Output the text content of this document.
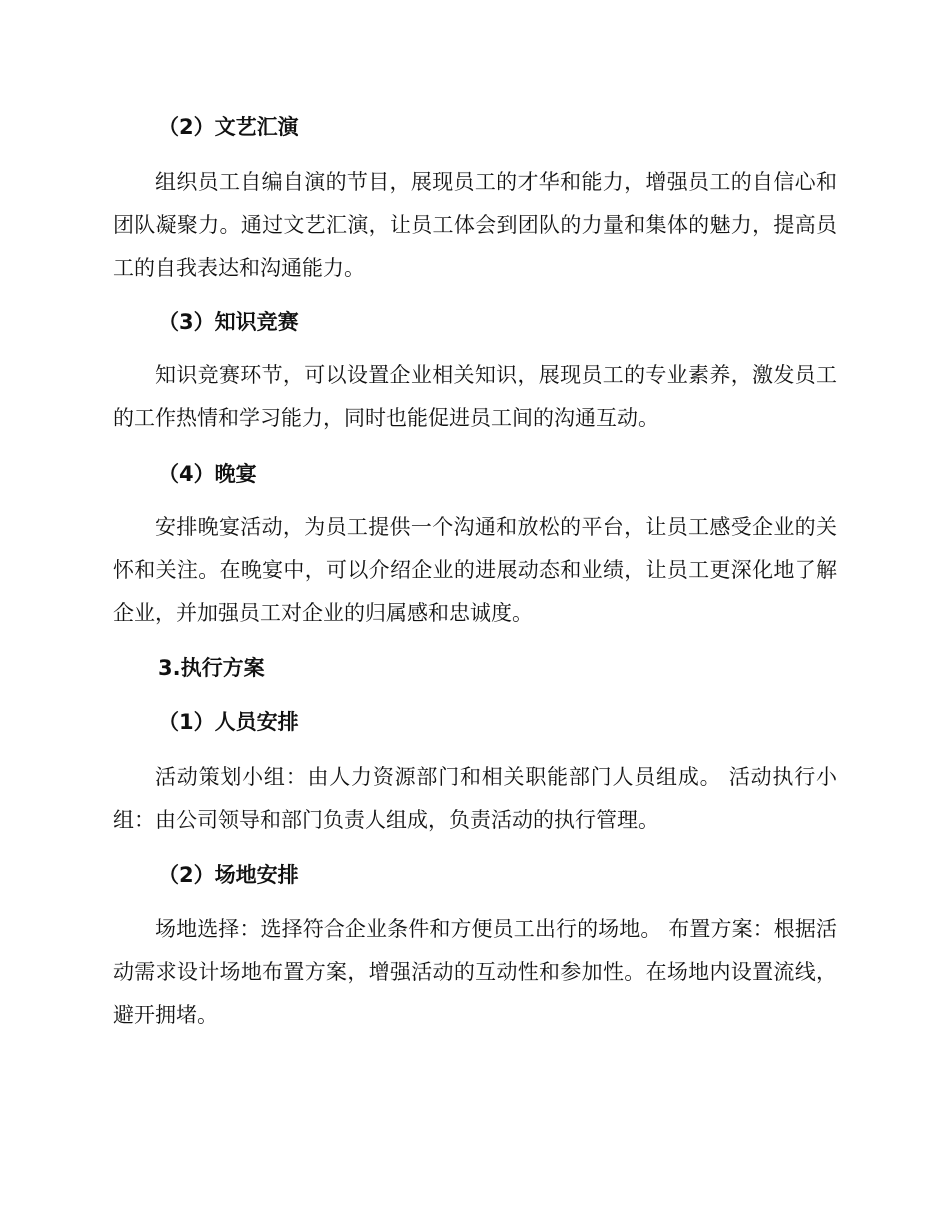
（2）文艺汇演
组织员工自编自演的节目，展现员工的才华和能力，增强员工的自信心和团队凝聚力。通过文艺汇演，让员工体会到团队的力量和集体的魅力，提高员工的自我表达和沟通能力。
（3）知识竞赛
知识竞赛环节，可以设置企业相关知识，展现员工的专业素养，激发员工的工作热情和学习能力，同时也能促进员工间的沟通互动。
（4）晚宴
安排晚宴活动，为员工提供一个沟通和放松的平台，让员工感受企业的关怀和关注。在晚宴中，可以介绍企业的进展动态和业绩，让员工更深化地了解企业，并加强员工对企业的归属感和忠诚度。
3.执行方案
（1）人员安排
活动策划小组：由人力资源部门和相关职能部门人员组成。 活动执行小组：由公司领导和部门负责人组成，负责活动的执行管理。
（2）场地安排
场地选择：选择符合企业条件和方便员工出行的场地。 布置方案：根据活动需求设计场地布置方案，增强活动的互动性和参加性。在场地内设置流线，避开拥堵。
